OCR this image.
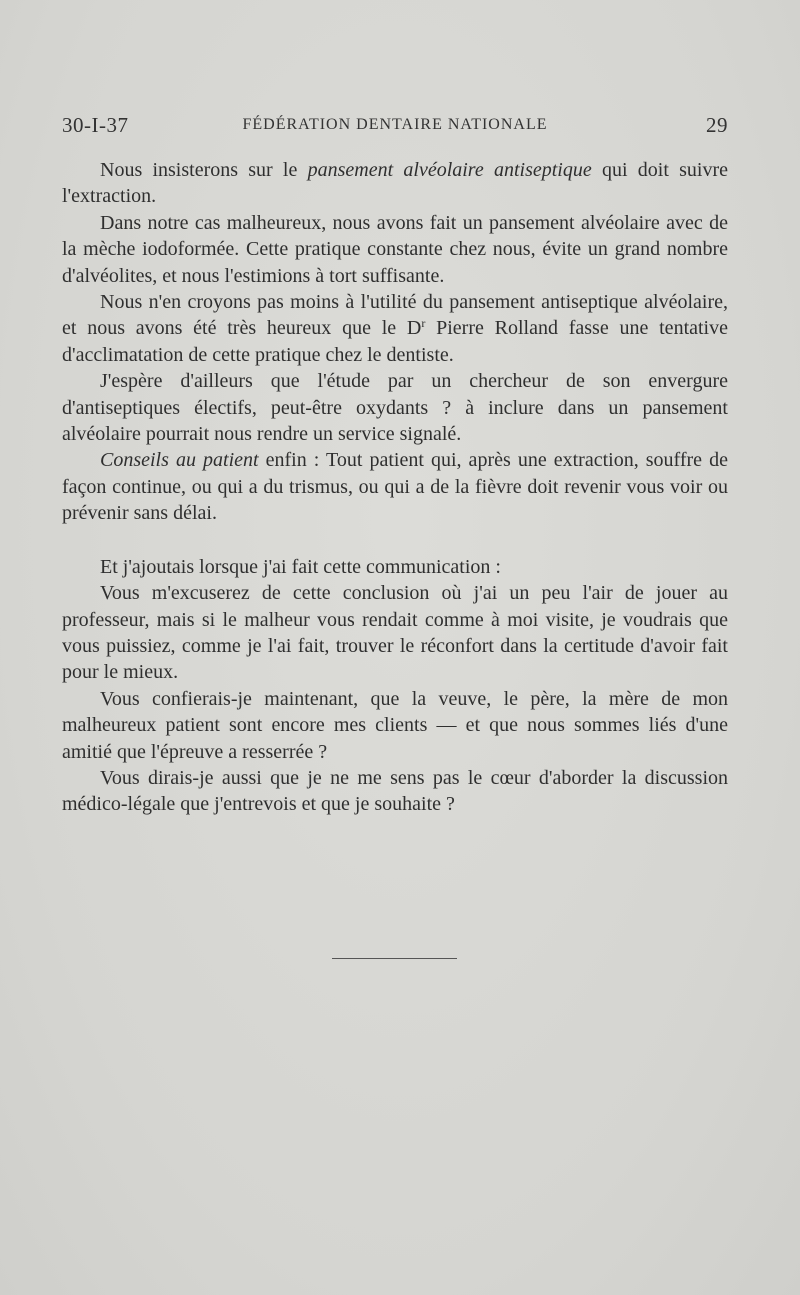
30-I-37	FÉDÉRATION DENTAIRE NATIONALE	29

Nous insisterons sur le pansement alvéolaire antiseptique qui doit suivre l'extraction.

Dans notre cas malheureux, nous avons fait un pansement alvéolaire avec de la mèche iodoformée. Cette pratique constante chez nous, évite un grand nombre d'alvéolites, et nous l'estimions à tort suffisante.

Nous n'en croyons pas moins à l'utilité du pansement antiseptique alvéolaire, et nous avons été très heureux que le $D^r$ Pierre Rolland fasse une tentative d'acclimatation de cette pratique chez le dentiste.

J'espère d'ailleurs que l'étude par un chercheur de son envergure d'antiseptiques électifs, peut-être oxydants ? à inclure dans un pansement alvéolaire pourrait nous rendre un service signalé.

Conseils au patient enfin : Tout patient qui, après une extraction, souffre de façon continue, ou qui a du trismus, ou qui a de la fièvre doit revenir vous voir ou prévenir sans délai.

Et j'ajoutais lorsque j'ai fait cette communication :

Vous m'excuserez de cette conclusion où j'ai un peu l'air de jouer au professeur, mais si le malheur vous rendait comme à moi visite, je voudrais que vous puissiez, comme je l'ai fait, trouver le réconfort dans la certitude d'avoir fait pour le mieux.

Vous confierais-je maintenant, que la veuve, le père, la mère de mon malheureux patient sont encore mes clients — et que nous sommes liés d'une amitié que l'épreuve a resserrée ?

Vous dirais-je aussi que je ne me sens pas le cœur d'aborder la discussion médico-légale que j'entrevois et que je souhaite ?
